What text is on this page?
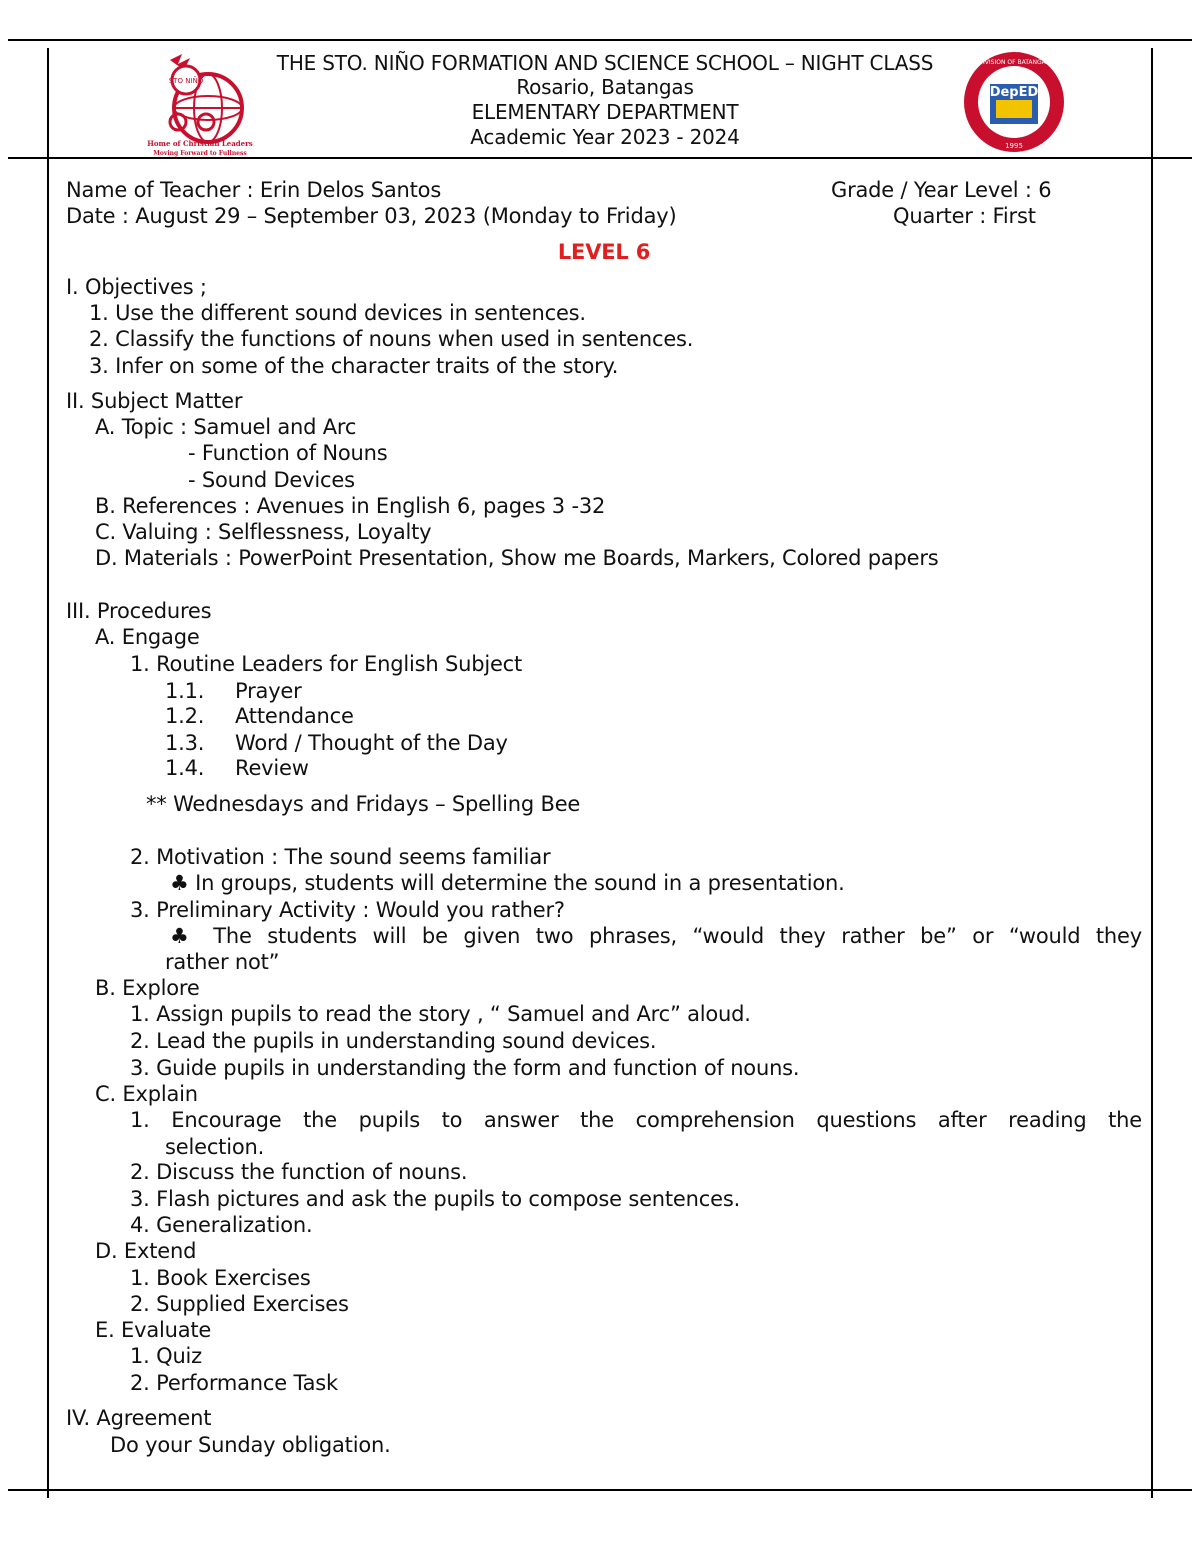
STO NIÑO
Home of Christian Leaders
Moving Forward to Fullness
DepED
1995
DIVISION OF BATANGAS
THE STO. NIÑO FORMATION AND SCIENCE SCHOOL – NIGHT CLASS
Rosario, Batangas
ELEMENTARY DEPARTMENT
Academic Year 2023 - 2024
Name of Teacher : Erin Delos Santos	Grade / Year Level : 6
Date : August 29 – September 03, 2023 (Monday to Friday)	Quarter : First
LEVEL 6
I. Objectives ;
1. Use the different sound devices in sentences.
2. Classify the functions of nouns when used in sentences.
3. Infer on some of the character traits of the story.
II. Subject Matter
A. Topic : Samuel and Arc
- Function of Nouns
- Sound Devices
B. References : Avenues in English 6, pages 3 -32
C. Valuing : Selflessness, Loyalty
D. Materials : PowerPoint Presentation, Show me Boards, Markers, Colored papers
III. Procedures
A. Engage
1. Routine Leaders for English Subject
1.1. Prayer
1.2. Attendance
1.3. Word / Thought of the Day
1.4. Review
** Wednesdays and Fridays – Spelling Bee
2. Motivation : The sound seems familiar
♣ In groups, students will determine the sound in a presentation.
3. Preliminary Activity : Would you rather?
♣ The students will be given two phrases, “would they rather be” or “would they
rather not”
B. Explore
1. Assign pupils to read the story , “ Samuel and Arc” aloud.
2. Lead the pupils in understanding sound devices.
3. Guide pupils in understanding the form and function of nouns.
C. Explain
1. Encourage the pupils to answer the comprehension questions after reading the
selection.
2. Discuss the function of nouns.
3. Flash pictures and ask the pupils to compose sentences.
4. Generalization.
D. Extend
1. Book Exercises
2. Supplied Exercises
E. Evaluate
1. Quiz
2. Performance Task
IV. Agreement
Do your Sunday obligation.
